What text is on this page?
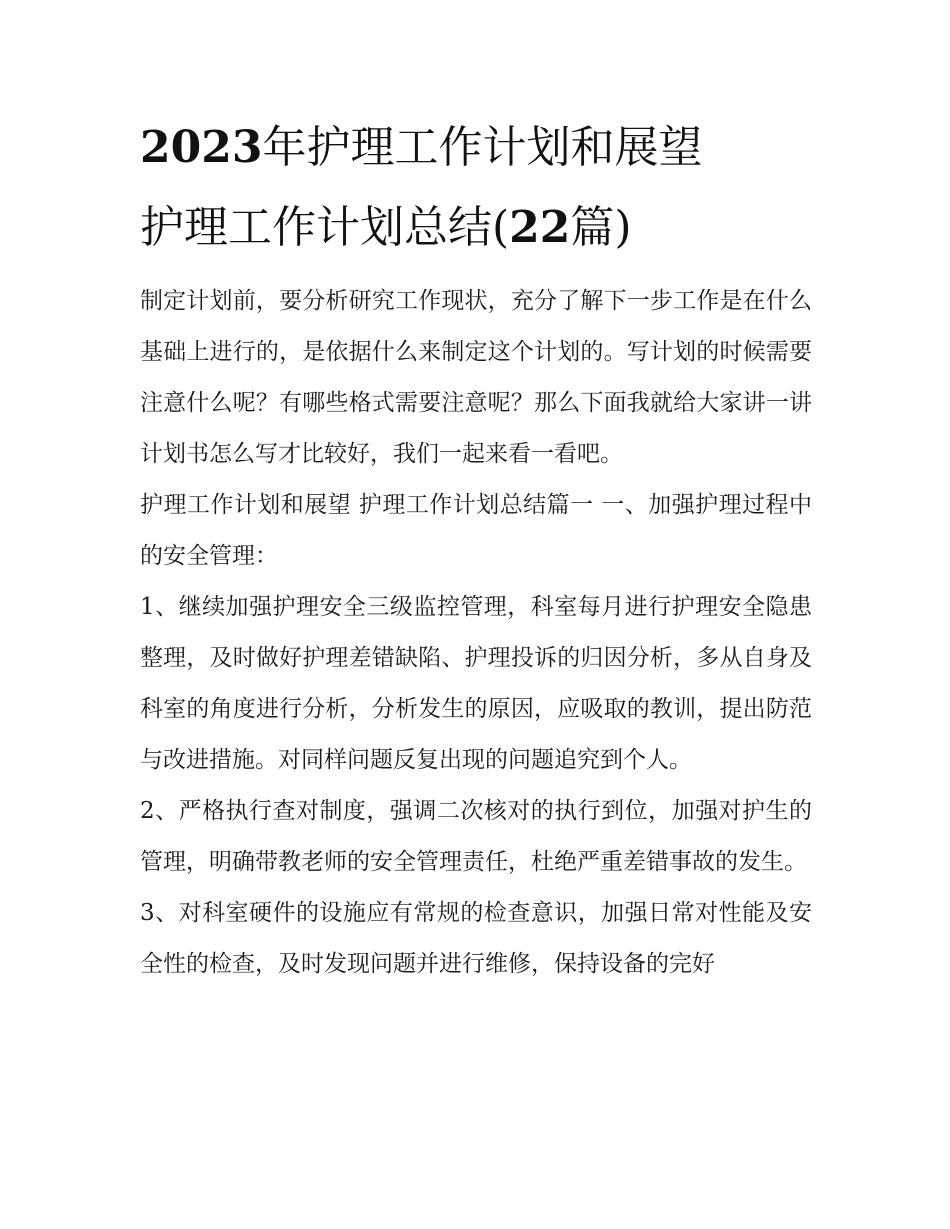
2023年护理工作计划和展望
护理工作计划总结(22篇)

制定计划前，要分析研究工作现状，充分了解下一步工作是在什么基础上进行的，是依据什么来制定这个计划的。写计划的时候需要注意什么呢？有哪些格式需要注意呢？那么下面我就给大家讲一讲计划书怎么写才比较好，我们一起来看一看吧。

护理工作计划和展望 护理工作计划总结篇一 一、加强护理过程中的安全管理：

1、继续加强护理安全三级监控管理，科室每月进行护理安全隐患整理，及时做好护理差错缺陷、护理投诉的归因分析，多从自身及科室的角度进行分析，分析发生的原因，应吸取的教训，提出防范与改进措施。对同样问题反复出现的问题追究到个人。

2、严格执行查对制度，强调二次核对的执行到位，加强对护生的管理，明确带教老师的安全管理责任，杜绝严重差错事故的发生。

3、对科室硬件的设施应有常规的检查意识，加强日常对性能及安全性的检查，及时发现问题并进行维修，保持设备的完好
